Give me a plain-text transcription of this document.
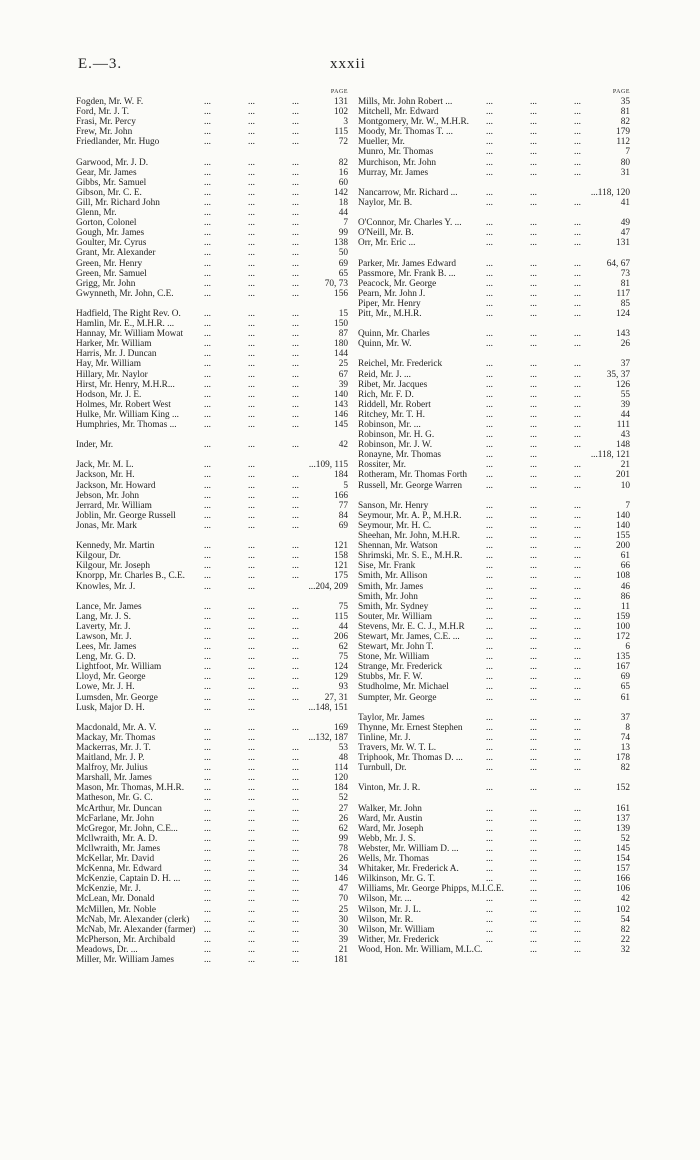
E.—3.	xxxii
PAGE
...	...	...
Fogden, Mr. W. F.	131
...	...	...
Ford, Mr. J. T.	102
...	...	...
Frasi, Mr. Percy	3
...	...	...
Frew, Mr. John	115
...	...	...
Friedlander, Mr. Hugo	72
...	...	...
Garwood, Mr. J. D.	82
...	...	...
Gear, Mr. James	16
...	...	...
Gibbs, Mr. Samuel	60
...	...	...
Gibson, Mr. C. E.	142
...	...	...
Gill, Mr. Richard John	18
...	...	...
Glenn, Mr.	44
...	...	...
Gorton, Colonel	7
...	...	...
Gough, Mr. James	99
...	...	...
Goulter, Mr. Cyrus	138
...	...	...
Grant, Mr. Alexander	50
...	...	...
Green, Mr. Henry	69
...	...	...
Green, Mr. Samuel	65
...	...	...
Grigg, Mr. John	70, 73
...	...	...
Gwynneth, Mr. John, C.E.	156
...	...	...
Hadfield, The Right Rev. O.	15
...	...	...
Hamlin, Mr. E., M.H.R. ...	150
...	...	...
Hannay, Mr. William Mowat	87
...	...	...
Harker, Mr. William	180
...	...	...
Harris, Mr. J. Duncan	144
...	...	...
Hay, Mr. William	25
...	...	...
Hillary, Mr. Naylor	67
...	...	...
Hirst, Mr. Henry, M.H.R...	39
...	...	...
Hodson, Mr. J. E.	140
...	...	...
Holmes, Mr. Robert West	143
...	...	...
Hulke, Mr. William King ...	146
...	...	...
Humphries, Mr. Thomas ...	145
...	...	...
Inder, Mr.	42
...	...
Jack, Mr. M. L.	...109, 115
...	...	...
Jackson, Mr. H.	184
...	...	...
Jackson, Mr. Howard	5
...	...	...
Jebson, Mr. John	166
...	...	...
Jerrard, Mr. William	77
...	...	...
Joblin, Mr. George Russell	84
...	...	...
Jonas, Mr. Mark	69
...	...	...
Kennedy, Mr. Martin	121
...	...	...
Kilgour, Dr.	158
...	...	...
Kilgour, Mr. Joseph	121
...	...	...
Knorpp, Mr. Charles B., C.E.	175
...	...
Knowles, Mr. J.	...204, 209
...	...	...
Lance, Mr. James	75
...	...	...
Lang, Mr. J. S.	115
...	...	...
Laverty, Mr. J.	44
...	...	...
Lawson, Mr. J.	206
...	...	...
Lees, Mr. James	62
...	...	...
Leng, Mr. G. D.	75
...	...	...
Lightfoot, Mr. William	124
...	...	...
Lloyd, Mr. George	129
...	...	...
Lowe, Mr. J. H.	93
...	...	...
Lumsden, Mr. George	27, 31
...	...
Lusk, Major D. H.	...148, 151
...	...	...
Macdonald, Mr. A. V.	169
...	...
Mackay, Mr. Thomas	...132, 187
...	...	...
Mackerras, Mr. J. T.	53
...	...	...
Maitland, Mr. J. P.	48
...	...	...
Malfroy, Mr. Julius	114
...	...	...
Marshall, Mr. James	120
...	...	...
Mason, Mr. Thomas, M.H.R.	184
...	...	...
Matheson, Mr. G. C.	52
...	...	...
McArthur, Mr. Duncan	27
...	...	...
McFarlane, Mr. John	26
...	...	...
McGregor, Mr. John, C.E...	62
...	...	...
Mcllwraith, Mr. A. D.	99
...	...	...
Mcllwraith, Mr. James	78
...	...	...
McKellar, Mr. David	26
...	...	...
McKenna, Mr. Edward	34
...	...	...
McKenzie, Captain D. H. ...	146
...	...	...
McKenzie, Mr. J.	47
...	...	...
McLean, Mr. Donald	70
...	...	...
McMillen, Mr. Noble	25
...	...	...
McNab, Mr. Alexander (clerk)	30
...	...	...
McNab, Mr. Alexander (farmer)	30
...	...	...
McPherson, Mr. Archibald	39
...	...	...
Meadows, Dr. ...	21
...	...	...
Miller, Mr. William James	181
PAGE
...	...	...
Mills, Mr. John Robert ...	35
...	...	...
Mitchell, Mr. Edward	81
...	...	...
Montgomery, Mr. W., M.H.R.	82
...	...	...
Moody, Mr. Thomas T. ...	179
...	...	...
Mueller, Mr.	112
...	...	...
Munro, Mr. Thomas	7
...	...	...
Murchison, Mr. John	80
...	...	...
Murray, Mr. James	31
...	...
Nancarrow, Mr. Richard ...	...118, 120
...	...	...
Naylor, Mr. B.	41
...	...	...
O'Connor, Mr. Charles Y. ...	49
...	...	...
O'Neill, Mr. B.	47
...	...	...
Orr, Mr. Eric ...	131
...	...	...
Parker, Mr. James Edward	64, 67
...	...	...
Passmore, Mr. Frank B. ...	73
...	...	...
Peacock, Mr. George	81
...	...	...
Pearn, Mr. John J.	117
...	...	...
Piper, Mr. Henry	85
...	...	...
Pitt, Mr., M.H.R.	124
...	...	...
Quinn, Mr. Charles	143
...	...	...
Quinn, Mr. W.	26
...	...	...
Reichel, Mr. Frederick	37
...	...	...
Reid, Mr. J. ...	35, 37
...	...	...
Ribet, Mr. Jacques	126
...	...	...
Rich, Mr. F. D.	55
...	...	...
Riddell, Mr. Robert	39
...	...	...
Ritchey, Mr. T. H.	44
...	...	...
Robinson, Mr. ...	111
...	...	...
Robinson, Mr. H. G.	43
...	...	...
Robinson, Mr. J. W.	148
...	...
Ronayne, Mr. Thomas	...118, 121
...	...	...
Rossiter, Mr.	21
...	...	...
Rotheram, Mr. Thomas Forth	201
...	...	...
Russell, Mr. George Warren	10
...	...	...
Sanson, Mr. Henry	7
...	...	...
Seymour, Mr. A. P., M.H.R.	140
...	...	...
Seymour, Mr. H. C.	140
...	...	...
Sheehan, Mr. John, M.H.R.	155
...	...	...
Shennan, Mr. Watson	200
...	...	...
Shrimski, Mr. S. E., M.H.R.	61
...	...	...
Sise, Mr. Frank	66
...	...	...
Smith, Mr. Allison	108
...	...	...
Smith, Mr. James	46
...	...	...
Smith, Mr. John	86
...	...	...
Smith, Mr. Sydney	11
...	...	...
Souter, Mr. William	159
...	...	...
Stevens, Mr. E. C. J., M.H.R	100
...	...	...
Stewart, Mr. James, C.E. ...	172
...	...	...
Stewart, Mr. John T.	6
...	...	...
Stone, Mr. William	135
...	...	...
Strange, Mr. Frederick	167
...	...	...
Stubbs, Mr. F. W.	69
...	...	...
Studholme, Mr. Michael	65
...	...	...
Sumpter, Mr. George	61
...	...	...
Taylor, Mr. James	37
...	...	...
Thynne, Mr. Ernest Stephen	8
...	...	...
Tinline, Mr. J.	74
...	...	...
Travers, Mr. W. T. L.	13
...	...	...
Triphook, Mr. Thomas D. ...	178
...	...	...
Turnbull, Dr.	82
...	...	...
Vinton, Mr. J. R.	152
...	...	...
Walker, Mr. John	161
...	...	...
Ward, Mr. Austin	137
...	...	...
Ward, Mr. Joseph	139
...	...	...
Webb, Mr. J. S.	52
...	...	...
Webster, Mr. William D. ...	145
...	...	...
Wells, Mr. Thomas	154
...	...	...
Whitaker, Mr. Frederick A.	157
...	...	...
Wilkinson, Mr. G. T.	166
...	...
Williams, Mr. George Phipps, M.I.C.E.	106
...	...	...
Wilson, Mr. ...	42
...	...	...
Wilson, Mr. J. L.	102
...	...	...
Wilson, Mr. R.	54
...	...	...
Wilson, Mr. William	82
...	...	...
Wither, Mr. Frederick	22
...	...
Wood, Hon. Mr. William, M.L.C.	32
